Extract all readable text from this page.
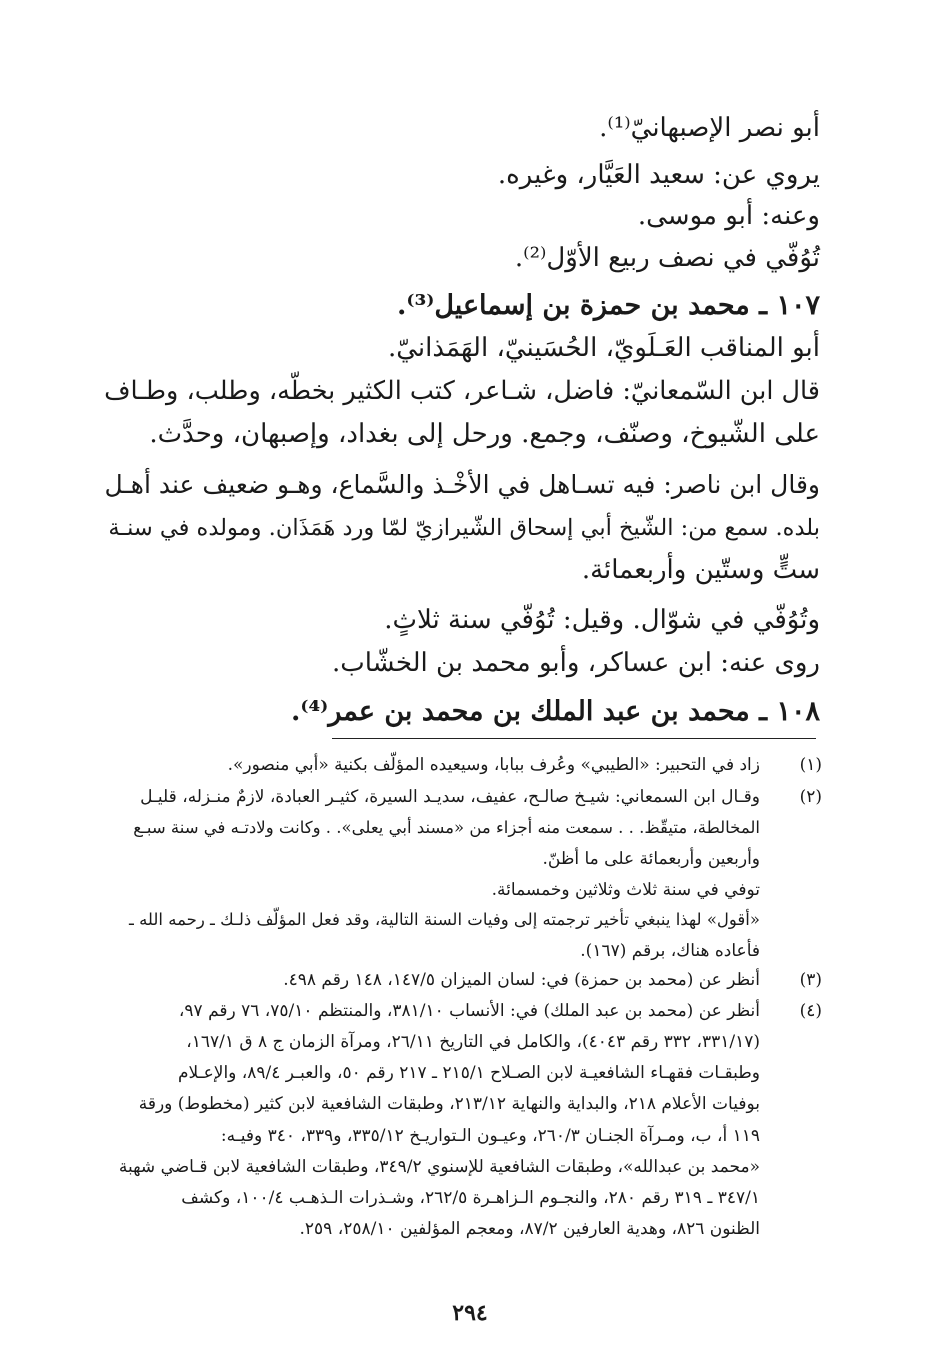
أبو نصر الإصبهانيّ⁽¹⁾.
يروي عن: سعيد العَيَّار، وغيره.
وعنه: أبو موسى.
تُوُفّي في نصف ربيع الأوّل⁽²⁾.
١٠٧ ـ محمد بن حمزة بن إسماعيل⁽³⁾.
أبو المناقب العَـلَويّ، الحُسَينيّ، الهَمَذانيّ.
قال ابن السّمعانيّ: فاضل، شـاعر، كتب الكثير بخطّه، وطلب، وطـاف
على الشّيوخ، وصنّف، وجمع. ورحل إلى بغداد، وإصبهان، وحدَّث.
وقال ابن ناصر: فيه تسـاهل في الأخْـذ والسَّماع، وهـو ضعيف عند أهـل
بلده. سمع من: الشّيخ أبي إسحاق الشّيرازيّ لمّا ورد هَمَذَان. ومولده في سنـة
ستٍّ وستّين وأربعمائة.
وتُوُفّي في شوّال. وقيل: تُوُفّي سنة ثلاثٍ.
روى عنه: ابن عساكر، وأبو محمد بن الخشّاب.
١٠٨ ـ محمد بن عبد الملك بن محمد بن عمر⁽⁴⁾.
(١)
زاد في التحبير: «الطيبي» وعُرف ببابا، وسيعيده المؤلّف بكنية «أبي منصور».
(٢)
وقـال ابن السمعاني: شيـخ صالـح، عفيف، سديـد السيرة، كثيـر العبادة، لازمٌ منـزله، قليـل
المخالطة، متيقّظ. . . سمعت منه أجزاء من «مسند أبي يعلى». . وكانت ولادتـه في سنة سبـع
وأربعين وأربعمائة على ما أظنّ.
توفي في سنة ثلاث وثلاثين وخمسمائة.
«أقول» لهذا ينبغي تأخير ترجمته إلى وفيات السنة التالية، وقد فعل المؤلّف ذلـك ـ رحمه الله ـ
فأعاده هناك، برقم (١٦٧).
(٣)
أنظر عن (محمد بن حمزة) في: لسان الميزان ١٤٧/٥، ١٤٨ رقم ٤٩٨.
(٤)
أنظر عن (محمد بن عبد الملك) في: الأنساب ٣٨١/١٠، والمنتظم ٧٥/١٠، ٧٦ رقم ٩٧،
(٣٣١/١٧، ٣٣٢ رقم ٤٠٤٣)، والكامل في التاريخ ٢٦/١١، ومرآة الزمان ج ٨ ق ١٦٧/١،
وطبقـات فقهـاء الشافعيـة لابن الصـلاح ٢١٥/١ ـ ٢١٧ رقم ٥٠، والعبـر ٨٩/٤، والإعـلام
بوفيات الأعلام ٢١٨، والبداية والنهاية ٢١٣/١٢، وطبقات الشافعية لابن كثير (مخطوط) ورقة
١١٩ أ، ب، ومـرآة الجنـان ٢٦٠/٣، وعيـون الـتواريـخ ٣٣٥/١٢، و٣٣٩، ٣٤٠ وفيـه:
«محمد بن عبدالله»، وطبقات الشافعية للإسنوي ٣٤٩/٢، وطبقات الشافعية لابن قـاضي شهبة
٣٤٧/١ ـ ٣١٩ رقم ٢٨٠، والنجـوم الـزاهـرة ٢٦٢/٥، وشـذرات الـذهـب ١٠٠/٤، وكشف
الظنون ٨٢٦، وهدية العارفين ٨٧/٢، ومعجم المؤلفين ٢٥٨/١٠، ٢٥٩.
٢٩٤
